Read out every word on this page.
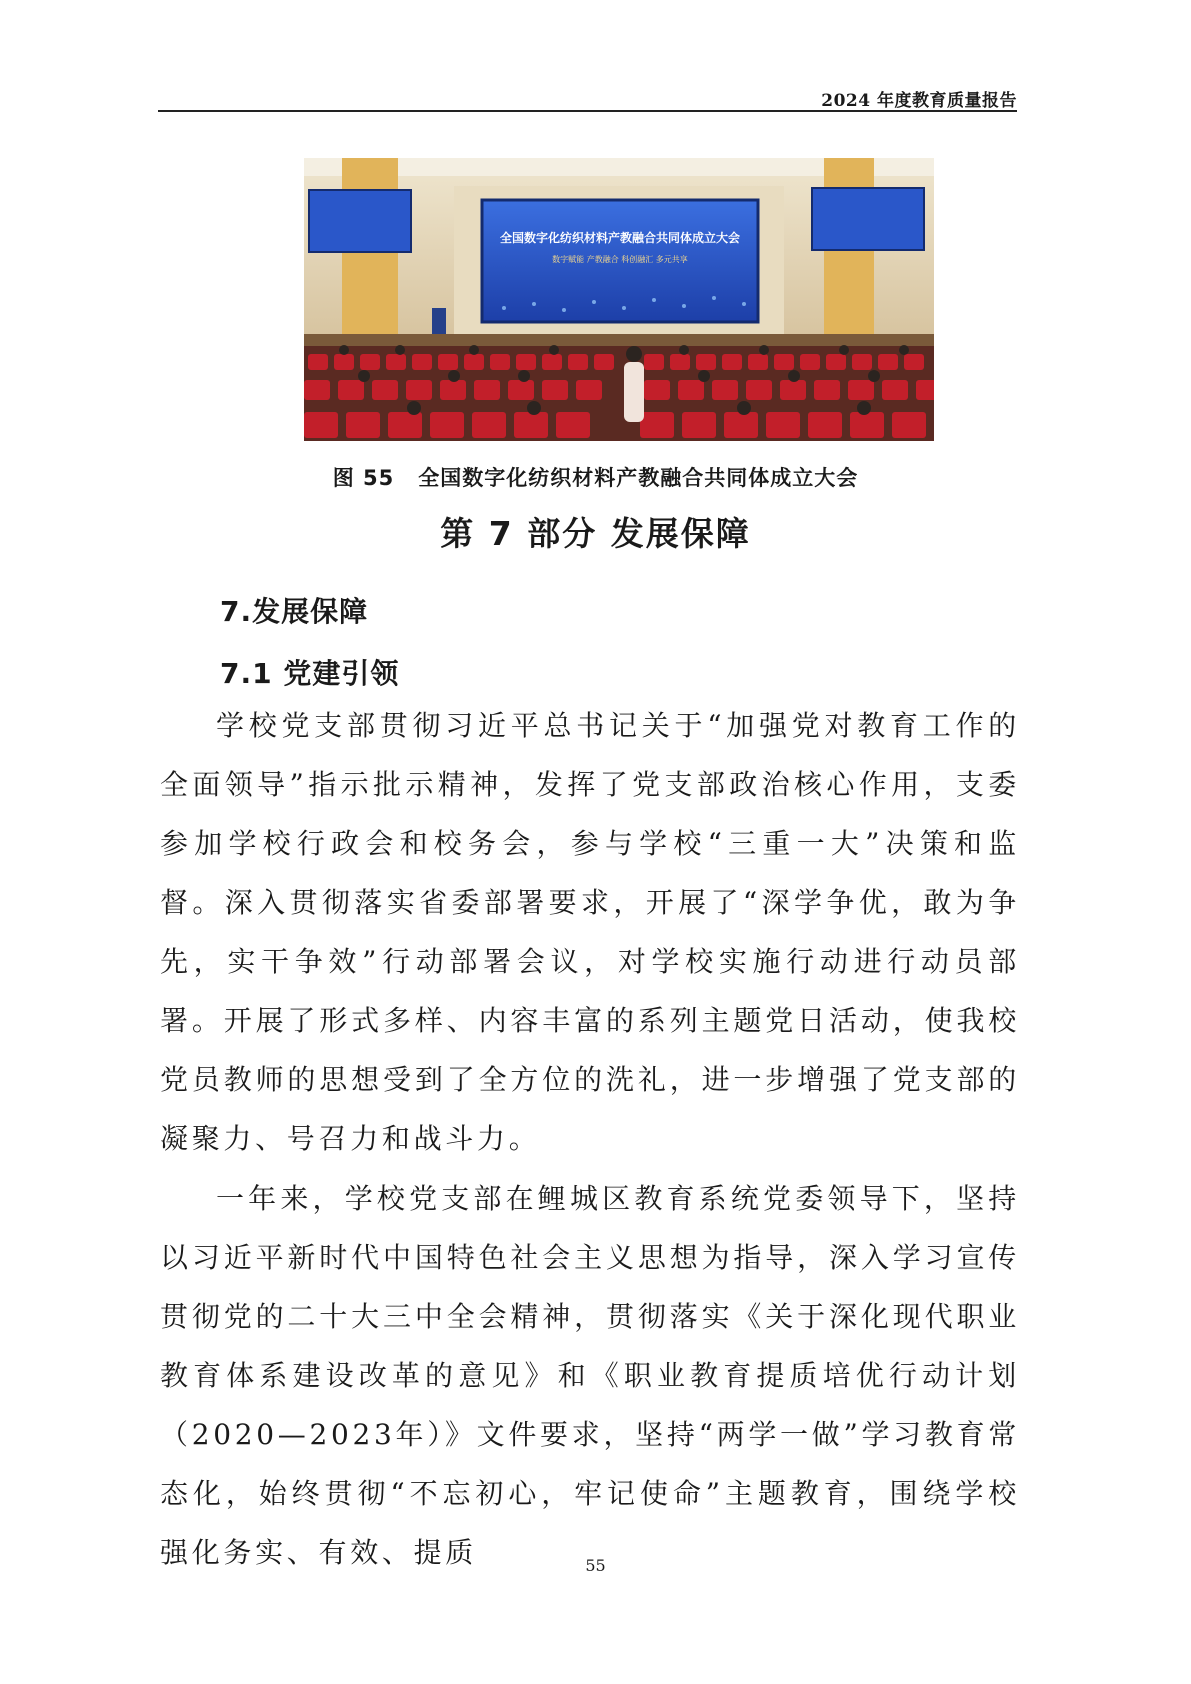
2024 年度教育质量报告
全国数字化纺织材料产教融合共同体成立大会
数字赋能 产教融合 科创融汇 多元共享
图 55 全国数字化纺织材料产教融合共同体成立大会
第 7 部分 发展保障
7.发展保障
7.1 党建引领
学校党支部贯彻习近平总书记关于“加强党对教育工作的全面领导”指示批示精神，发挥了党支部政治核心作用，支委参加学校行政会和校务会，参与学校“三重一大”决策和监督。深入贯彻落实省委部署要求，开展了“深学争优，敢为争先，实干争效”行动部署会议，对学校实施行动进行动员部署。开展了形式多样、内容丰富的系列主题党日活动，使我校党员教师的思想受到了全方位的洗礼，进一步增强了党支部的凝聚力、号召力和战斗力。
一年来，学校党支部在鲤城区教育系统党委领导下，坚持以习近平新时代中国特色社会主义思想为指导，深入学习宣传贯彻党的二十大三中全会精神，贯彻落实《关于深化现代职业教育体系建设改革的意见》和《职业教育提质培优行动计划（2020—2023年）》文件要求，坚持“两学一做”学习教育常态化，始终贯彻“不忘初心，牢记使命”主题教育，围绕学校强化务实、有效、提质	55
